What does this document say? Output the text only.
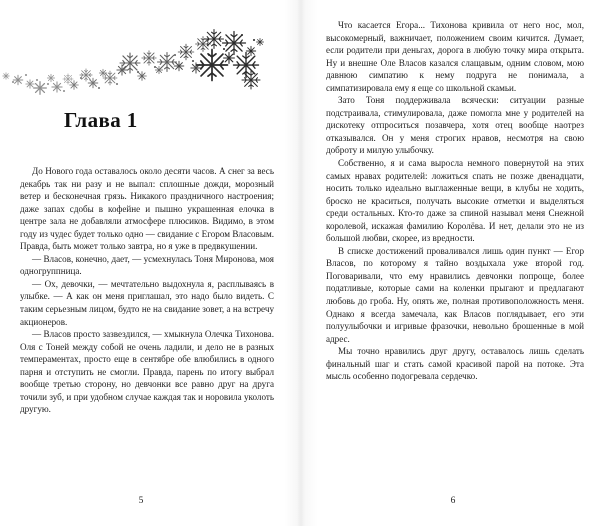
Глава 1

До Нового года оставалось около десяти часов. А снег за весь декабрь так ни разу и не выпал: сплошные дожди, морозный ветер и бесконечная грязь. Никакого праздничного настроения; даже запах сдобы в кофейне и пышно украшенная елочка в центре зала не добавляли атмосфере плюсиков. Видимо, в этом году из чудес будет только одно — свидание с Егором Власовым. Правда, быть может только завтра, но я уже в предвкушении.

— Власов, конечно, дает, — усмехнулась Тоня Миронова, моя одногруппница.

— Ох, девочки, — мечтательно выдохнула я, расплываясь в улыбке. — А как он меня приглашал, это надо было видеть. С таким серьезным лицом, будто не на свидание зовет, а на встречу акционеров.

— Власов просто зазвездился, — хмыкнула Олечка Тихонова. Оля с Тоней между собой не очень ладили, и дело не в разных темпераментах, просто еще в сентябре обе влюбились в одного парня и отступить не смогли. Правда, парень по итогу выбрал вообще третью сторону, но девчонки все равно друг на друга точили зуб, и при удобном случае каждая так и норовила уколоть другую.

5

Что касается Егора... Тихонова кривила от него нос, мол, высокомерный, важничает, положением своим кичится. Думает, если родители при деньгах, дорога в любую точку мира открыта. Ну и внешне Оле Власов казался слащавым, одним словом, мою давнюю симпатию к нему подруга не понимала, а симпатизировала ему я еще со школьной скамьи.

Зато Тоня поддерживала всячески: ситуации разные подстраивала, стимулировала, даже помогла мне у родителей на дискотеку отпроситься позавчера, хотя отец вообще наотрез отказывался. Он у меня строгих нравов, несмотря на свою доброту и милую улыбочку.

Собственно, я и сама выросла немного повернутой на этих самых нравах родителей: ложиться спать не позже двенадцати, носить только идеально выглаженные вещи, в клубы не ходить, броско не краситься, получать высокие отметки и выделяться среди остальных. Кто-то даже за спиной называл меня Снежной королевой, искажая фамилию Королёва. И нет, делали это не из большой любви, скорее, из вредности.

В списке достижений проваливался лишь один пункт — Егор Власов, по которому я тайно воздыхала уже второй год. Поговаривали, что ему нравились девчонки попроще, более податливые, которые сами на коленки прыгают и предлагают любовь до гроба. Ну, опять же, полная противоположность меня. Однако я всегда замечала, как Власов поглядывает, его эти полуулыбочки и игривые фразочки, невольно брошенные в мой адрес.

Мы точно нравились друг другу, оставалось лишь сделать финальный шаг и стать самой красивой парой на потоке. Эта мысль особенно подогревала сердечко.

6
